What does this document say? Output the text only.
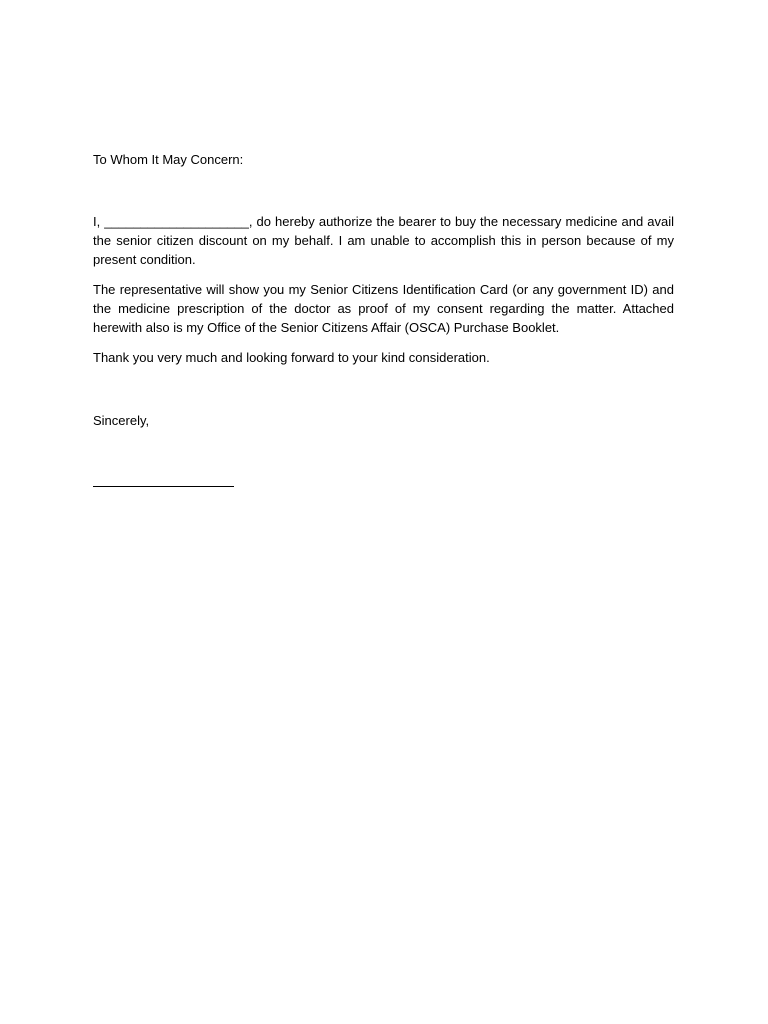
To Whom It May Concern:

I, ____________________, do hereby authorize the bearer to buy the necessary medicine and avail the senior citizen discount on my behalf. I am unable to accomplish this in person because of my present condition.

The representative will show you my Senior Citizens Identification Card (or any government ID) and the medicine prescription of the doctor as proof of my consent regarding the matter. Attached herewith also is my Office of the Senior Citizens Affair (OSCA) Purchase Booklet.

Thank you very much and looking forward to your kind consideration.

Sincerely,
